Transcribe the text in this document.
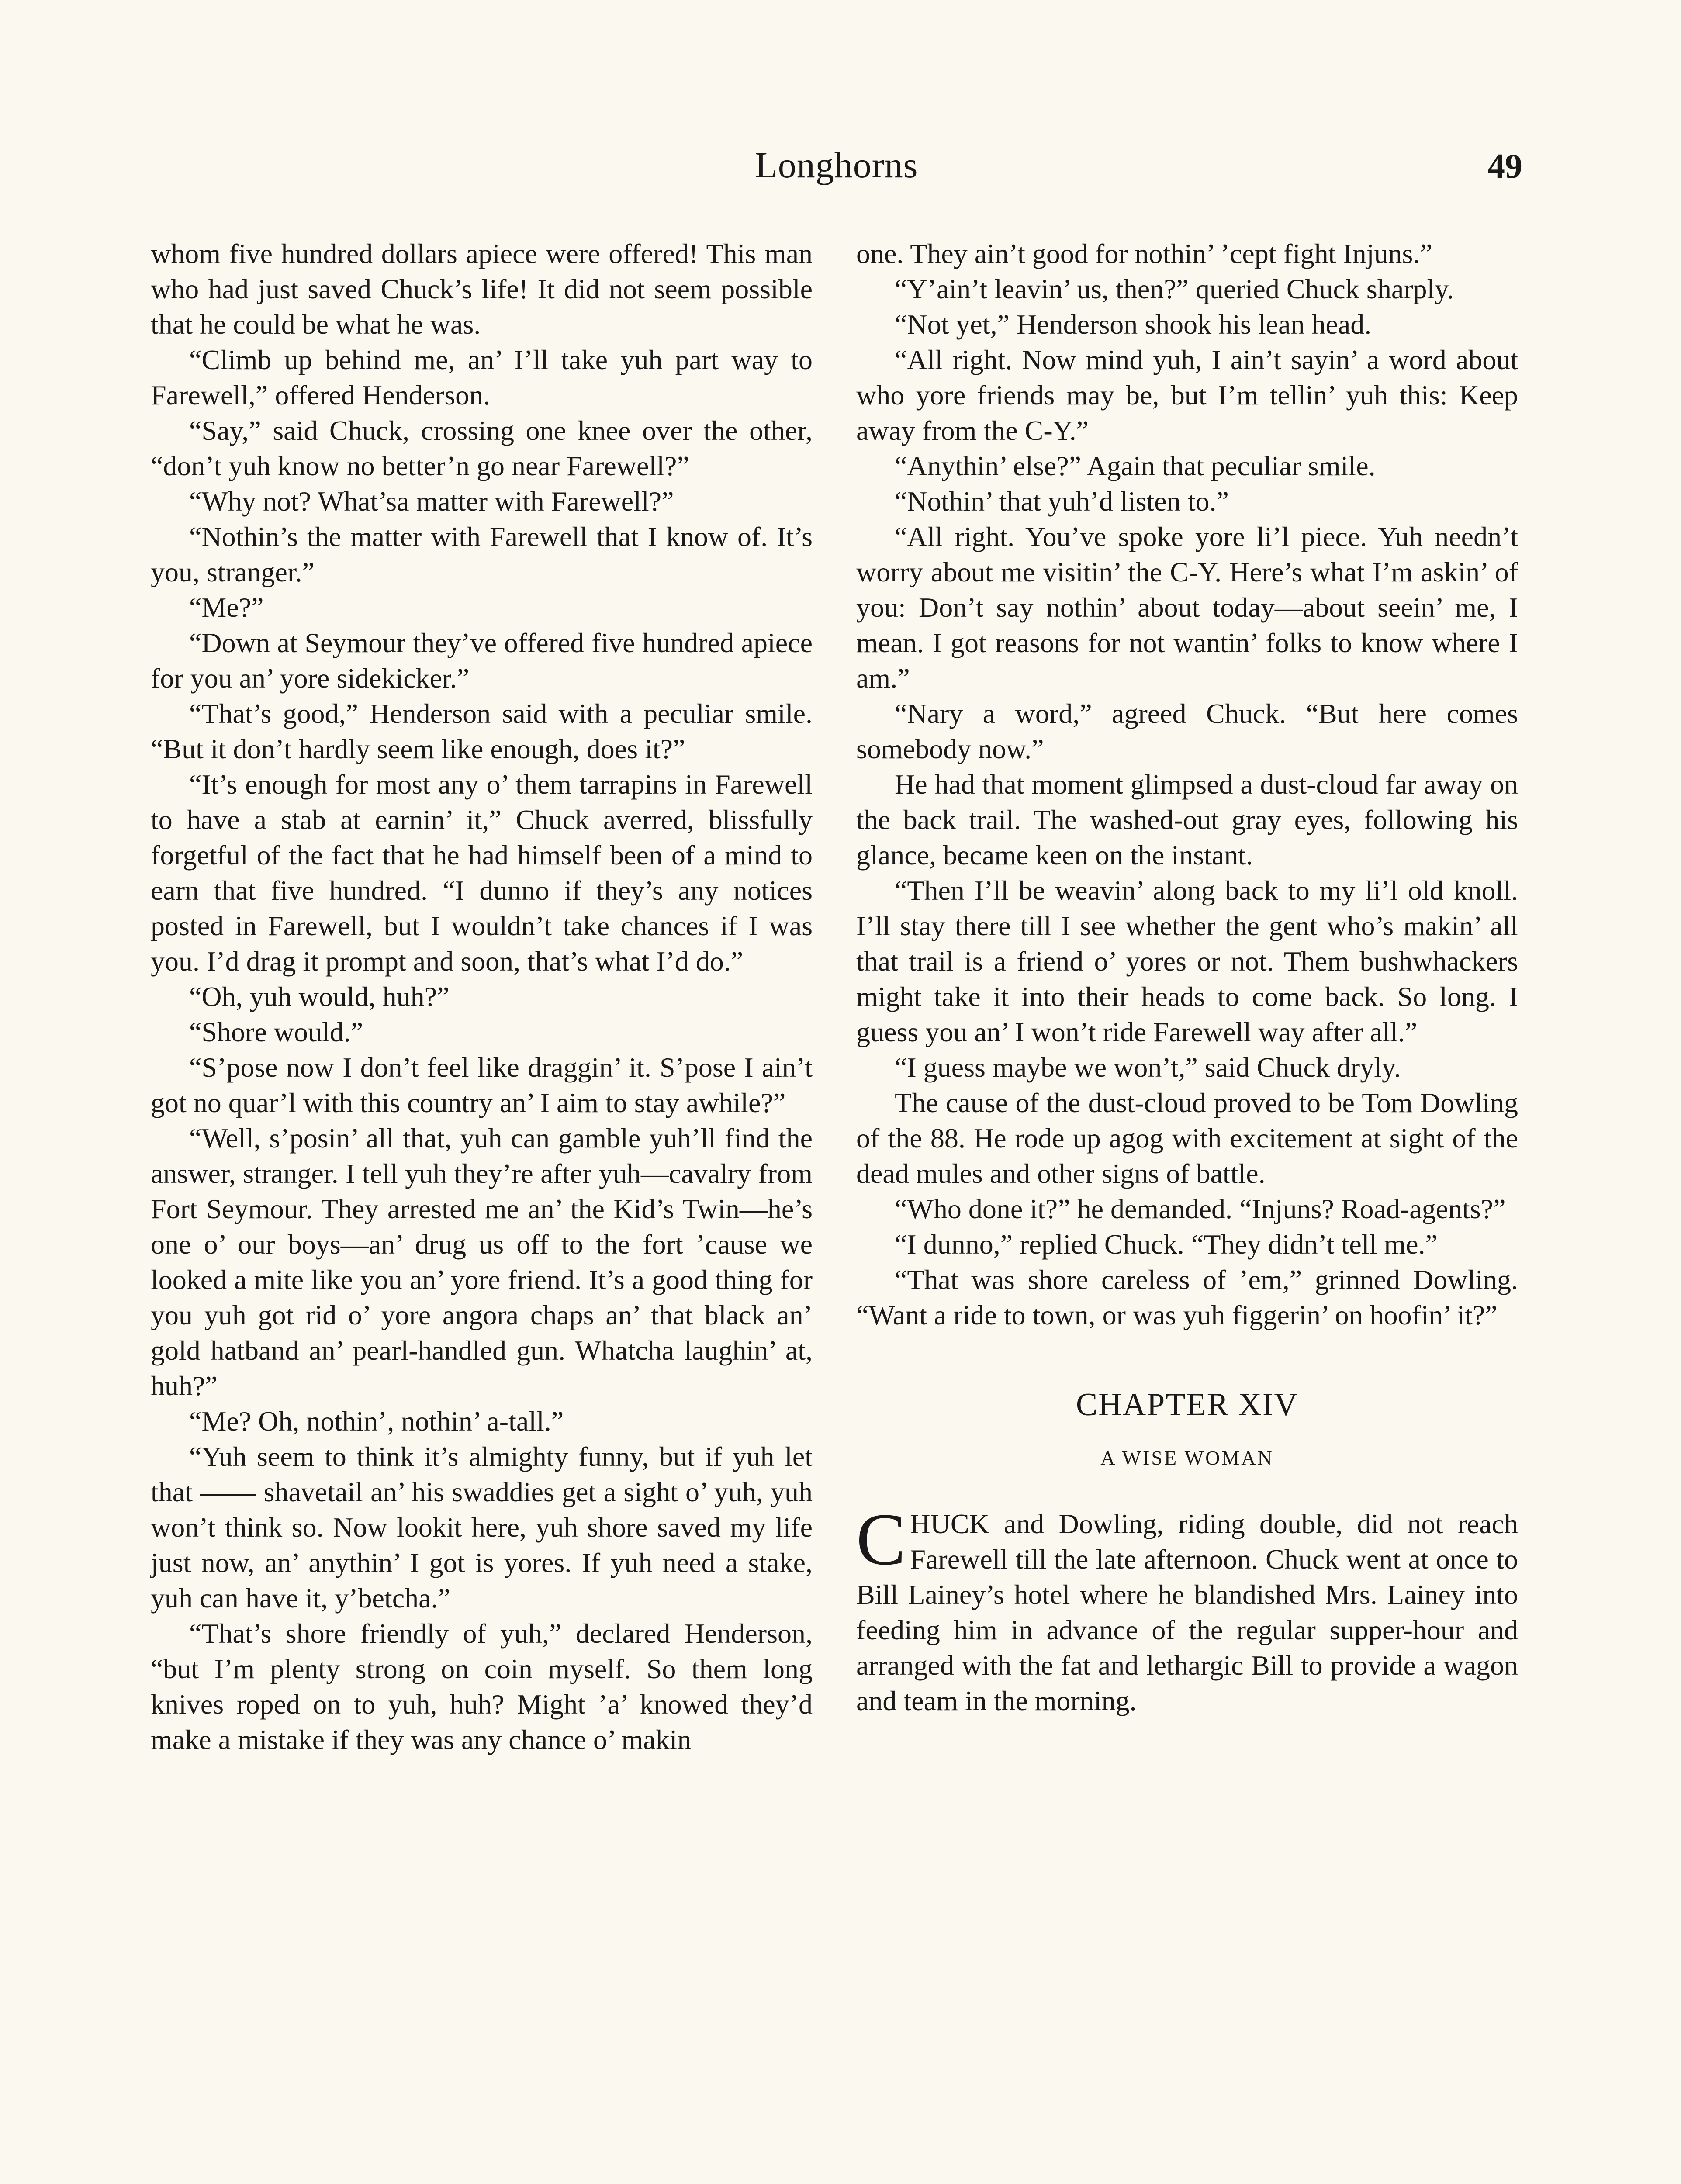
Longhorns	49

whom five hundred dollars apiece were offered! This man who had just saved Chuck’s life! It did not seem possible that he could be what he was.

“Climb up behind me, an’ I’ll take yuh part way to Farewell,” offered Henderson.

“Say,” said Chuck, crossing one knee over the other, “don’t yuh know no better’n go near Farewell?”

“Why not? What’sa matter with Farewell?”

“Nothin’s the matter with Farewell that I know of. It’s you, stranger.”

“Me?”

“Down at Seymour they’ve offered five hundred apiece for you an’ yore sidekicker.”

“That’s good,” Henderson said with a peculiar smile. “But it don’t hardly seem like enough, does it?”

“It’s enough for most any o’ them tarrapins in Farewell to have a stab at earnin’ it,” Chuck averred, blissfully forgetful of the fact that he had himself been of a mind to earn that five hundred. “I dunno if they’s any notices posted in Farewell, but I wouldn’t take chances if I was you. I’d drag it prompt and soon, that’s what I’d do.”

“Oh, yuh would, huh?”

“Shore would.”

“S’pose now I don’t feel like draggin’ it. S’pose I ain’t got no quar’l with this country an’ I aim to stay awhile?”

“Well, s’posin’ all that, yuh can gamble yuh’ll find the answer, stranger. I tell yuh they’re after yuh—cavalry from Fort Seymour. They arrested me an’ the Kid’s Twin—he’s one o’ our boys—an’ drug us off to the fort ’cause we looked a mite like you an’ yore friend. It’s a good thing for you yuh got rid o’ yore angora chaps an’ that black an’ gold hatband an’ pearl-handled gun. Whatcha laughin’ at, huh?”

“Me? Oh, nothin’, nothin’ a-tall.”

“Yuh seem to think it’s almighty funny, but if yuh let that —— shavetail an’ his swaddies get a sight o’ yuh, yuh won’t think so. Now lookit here, yuh shore saved my life just now, an’ anythin’ I got is yores. If yuh need a stake, yuh can have it, y’betcha.”

“That’s shore friendly of yuh,” declared Henderson, “but I’m plenty strong on coin myself. So them long knives roped on to yuh, huh? Might ’a’ knowed they’d make a mistake if they was any chance o’ makin

one. They ain’t good for nothin’ ’cept fight Injuns.”

“Y’ain’t leavin’ us, then?” queried Chuck sharply.

“Not yet,” Henderson shook his lean head.

“All right. Now mind yuh, I ain’t sayin’ a word about who yore friends may be, but I’m tellin’ yuh this: Keep away from the C-Y.”

“Anythin’ else?” Again that peculiar smile.

“Nothin’ that yuh’d listen to.”

“All right. You’ve spoke yore li’l piece. Yuh needn’t worry about me visitin’ the C-Y. Here’s what I’m askin’ of you: Don’t say nothin’ about today—about seein’ me, I mean. I got reasons for not wantin’ folks to know where I am.”

“Nary a word,” agreed Chuck. “But here comes somebody now.”

He had that moment glimpsed a dust-cloud far away on the back trail. The washed-out gray eyes, following his glance, became keen on the instant.

“Then I’ll be weavin’ along back to my li’l old knoll. I’ll stay there till I see whether the gent who’s makin’ all that trail is a friend o’ yores or not. Them bushwhackers might take it into their heads to come back. So long. I guess you an’ I won’t ride Farewell way after all.”

“I guess maybe we won’t,” said Chuck dryly.

The cause of the dust-cloud proved to be Tom Dowling of the 88. He rode up agog with excitement at sight of the dead mules and other signs of battle.

“Who done it?” he demanded. “Injuns? Road-agents?”

“I dunno,” replied Chuck. “They didn’t tell me.”

“That was shore careless of ’em,” grinned Dowling. “Want a ride to town, or was yuh figgerin’ on hoofin’ it?”

CHAPTER XIV
A WISE WOMAN

CHUCK and Dowling, riding double, did not reach Farewell till the late afternoon. Chuck went at once to Bill Lainey’s hotel where he blandished Mrs. Lainey into feeding him in advance of the regular supper-hour and arranged with the fat and lethargic Bill to provide a wagon and team in the morning.
